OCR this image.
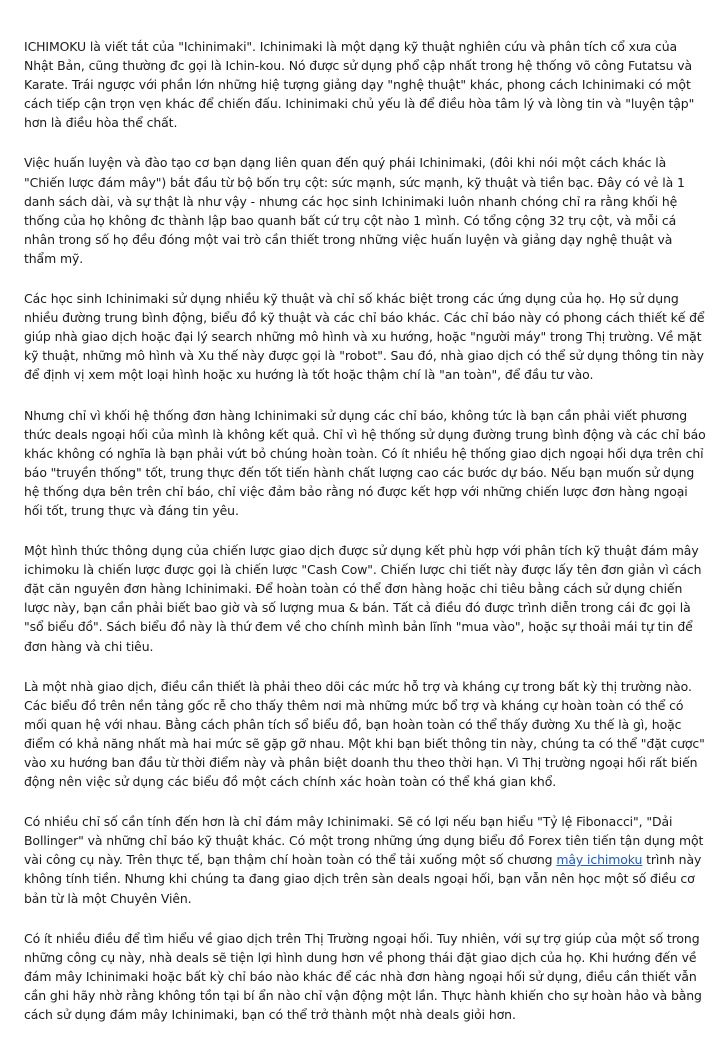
ICHIMOKU là viết tắt của "Ichinimaki". Ichinimaki là một dạng kỹ thuật nghiên cứu và phân tích cổ xưa của Nhật Bản, cũng thường đc gọi là Ichin-kou. Nó được sử dụng phổ cập nhất trong hệ thống võ công Futatsu và Karate. Trái ngược với phần lớn những hiệ tượng giảng dạy "nghệ thuật" khác, phong cách Ichinimaki có một cách tiếp cận trọn vẹn khác để chiến đấu. Ichinimaki chủ yếu là để điều hòa tâm lý và lòng tin và "luyện tập" hơn là điều hòa thể chất.

Việc huấn luyện và đào tạo cơ bạn dạng liên quan đến quý phái Ichinimaki, (đôi khi nói một cách khác là "Chiến lược đám mây") bắt đầu từ bộ bốn trụ cột: sức mạnh, sức mạnh, kỹ thuật và tiền bạc. Đây có vẻ là 1 danh sách dài, và sự thật là như vậy - nhưng các học sinh Ichinimaki luôn nhanh chóng chỉ ra rằng khối hệ thống của họ không đc thành lập bao quanh bất cứ trụ cột nào 1 mình. Có tổng cộng 32 trụ cột, và mỗi cá nhân trong số họ đều đóng một vai trò cần thiết trong những việc huấn luyện và giảng dạy nghệ thuật và thẩm mỹ.

Các học sinh Ichinimaki sử dụng nhiều kỹ thuật và chỉ số khác biệt trong các ứng dụng của họ. Họ sử dụng nhiều đường trung bình động, biểu đồ kỹ thuật và các chỉ báo khác. Các chỉ báo này có phong cách thiết kế để giúp nhà giao dịch hoặc đại lý search những mô hình và xu hướng, hoặc "người máy" trong Thị trường. Về mặt kỹ thuật, những mô hình và Xu thế này được gọi là "robot". Sau đó, nhà giao dịch có thể sử dụng thông tin này để định vị xem một loại hình hoặc xu hướng là tốt hoặc thậm chí là "an toàn", để đầu tư vào.

Nhưng chỉ vì khối hệ thống đơn hàng Ichinimaki sử dụng các chỉ báo, không tức là bạn cần phải viết phương thức deals ngoại hối của mình là không kết quả. Chỉ vì hệ thống sử dụng đường trung bình động và các chỉ báo khác không có nghĩa là bạn phải vứt bỏ chúng hoàn toàn. Có ít nhiều hệ thống giao dịch ngoại hối dựa trên chỉ báo "truyền thống" tốt, trung thực đến tốt tiến hành chất lượng cao các bước dự báo. Nếu bạn muốn sử dụng hệ thống dựa bên trên chỉ báo, chỉ việc đảm bảo rằng nó được kết hợp với những chiến lược đơn hàng ngoại hối tốt, trung thực và đáng tin yêu.

Một hình thức thông dụng của chiến lược giao dịch được sử dụng kết phù hợp với phân tích kỹ thuật đám mây ichimoku là chiến lược được gọi là chiến lược "Cash Cow". Chiến lược chi tiết này được lấy tên đơn giản vì cách đặt căn nguyên đơn hàng Ichinimaki. Để hoàn toàn có thể đơn hàng hoặc chi tiêu bằng cách sử dụng chiến lược này, bạn cần phải biết bao giờ và số lượng mua & bán. Tất cả điều đó được trình diễn trong cái đc gọi là "sổ biểu đồ". Sách biểu đồ này là thứ đem về cho chính mình bản lĩnh "mua vào", hoặc sự thoải mái tự tin để đơn hàng và chi tiêu.

Là một nhà giao dịch, điều cần thiết là phải theo dõi các mức hỗ trợ và kháng cự trong bất kỳ thị trường nào. Các biểu đồ trên nền tảng gốc rễ cho thấy thêm nơi mà những mức bổ trợ và kháng cự hoàn toàn có thể có mối quan hệ với nhau. Bằng cách phân tích sổ biểu đồ, bạn hoàn toàn có thể thấy đường Xu thế là gì, hoặc điểm có khả năng nhất mà hai mức sẽ gặp gỡ nhau. Một khi bạn biết thông tin này, chúng ta có thể "đặt cược" vào xu hướng ban đầu từ thời điểm này và phân biệt doanh thu theo thời hạn. Vì Thị trường ngoại hối rất biến động nên việc sử dụng các biểu đồ một cách chính xác hoàn toàn có thể khá gian khổ.

Có nhiều chỉ số cần tính đến hơn là chỉ đám mây Ichinimaki. Sẽ có lợi nếu bạn hiểu "Tỷ lệ Fibonacci", "Dải Bollinger" và những chỉ báo kỹ thuật khác. Có một trong những ứng dụng biểu đồ Forex tiên tiến tận dụng một vài công cụ này. Trên thực tế, bạn thậm chí hoàn toàn có thể tải xuống một số chương mây ichimoku trình này không tính tiền. Nhưng khi chúng ta đang giao dịch trên sàn deals ngoại hối, bạn vẫn nên học một số điều cơ bản từ là một Chuyên Viên.

Có ít nhiều điều để tìm hiểu về giao dịch trên Thị Trường ngoại hối. Tuy nhiên, với sự trợ giúp của một số trong những công cụ này, nhà deals sẽ tiện lợi hình dung hơn về phong thái đặt giao dịch của họ. Khi hướng đến về đám mây Ichinimaki hoặc bất kỳ chỉ báo nào khác để các nhà đơn hàng ngoại hối sử dụng, điều cần thiết vẫn cần ghi hãy nhờ rằng không tồn tại bí ẩn nào chỉ vận động một lần. Thực hành khiến cho sự hoàn hảo và bằng cách sử dụng đám mây Ichinimaki, bạn có thể trở thành một nhà deals giỏi hơn.
